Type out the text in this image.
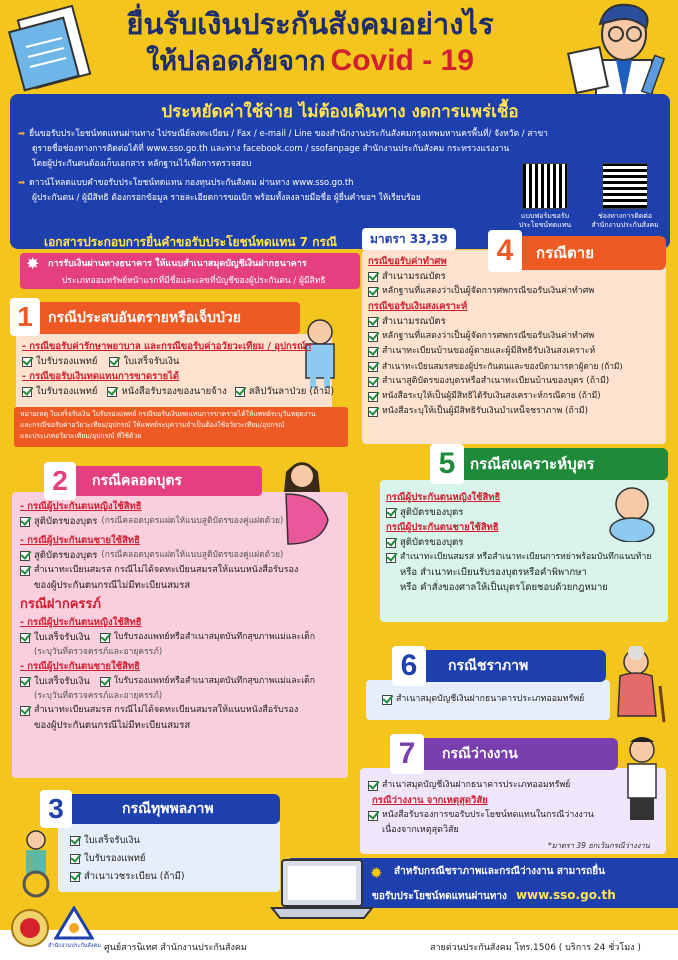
ยื่นรับเงินประกันสังคมอย่างไร
ให้ปลอดภัยจาก Covid - 19
ประหยัดค่าใช้จ่าย ไม่ต้องเดินทาง งดการแพร่เชื้อ
➡ ยื่นขอรับประโยชน์ทดแทนผ่านทาง ไปรษณีย์ลงทะเบียน / Fax / e-mail / Line ของสำนักงานประกันสังคมกรุงเทพมหานครพื้นที่/ จังหวัด / สาขา
ดูรายชื่อช่องทางการติดต่อได้ที่ www.sso.go.th และทาง facebook.com / ssofanpage สำนักงานประกันสังคม กระทรวงแรงงาน
โดยผู้ประกันตนต้องเก็บเอกสาร หลักฐานไว้เพื่อการตรวจสอบ
➡ ดาวน์โหลดแบบคำขอรับประโยชน์ทดแทน กองทุนประกันสังคม ผ่านทาง www.sso.go.th
ผู้ประกันตน / ผู้มีสิทธิ ต้องกรอกข้อมูล รายละเอียดการขอเบิก พร้อมทั้งลงลายมือชื่อ ผู้ยื่นคำขอฯ ให้เรียบร้อย
แบบฟอร์มขอรับ ประโยชน์ทดแทน
ช่องทางการติดต่อ สำนักงานประกันสังคม
เอกสารประกอบการยื่นคำขอรับประโยชน์ทดแทน 7 กรณี	มาตรา 33,39
✸ การรับเงินผ่านทางธนาคาร ให้แนบสำเนาสมุดบัญชีเงินฝากธนาคาร
ประเภทออมทรัพย์หน้าแรกที่มีชื่อและเลขที่บัญชีของผู้ประกันตน / ผู้มีสิทธิ
กรณีประสบอันตรายหรือเจ็บป่วย
1
- กรณีขอรับค่ารักษาพยาบาล และกรณีขอรับค่าอวัยวะเทียม / อุปกรณ์ฯ
ใบรับรองแพทย์	ใบเสร็จรับเงิน
- กรณีขอรับเงินทดแทนการขาดรายได้
ใบรับรองแพทย์	หนังสือรับรองของนายจ้าง สลิปวันลาป่วย (ถ้ามี)
หมายเหตุ ใบเสร็จรับเงิน ใบรับรองแพทย์ กรณีขอรับเงินทดแทนการขาดรายได้ให้แพทย์ระบุวันหยุดงาน
และกรณีขอรับค่าอวัยวะเทียม/อุปกรณ์ ให้แพทย์ระบุความจำเป็นต้องใช้อวัยวะเทียม/อุปกรณ์
และประเภทอวัยวะเทียม/อุปกรณ์ ที่ใช้ด้วย
กรณีตาย
4
กรณีขอรับค่าทำศพ
สำเนามรณบัตร
หลักฐานที่แสดงว่าเป็นผู้จัดการศพกรณีขอรับเงินค่าทำศพ
กรณีขอรับเงินสงเคราะห์
สำเนามรณบัตร
หลักฐานที่แสดงว่าเป็นผู้จัดการศพกรณีขอรับเงินค่าทำศพ
สำเนาทะเบียนบ้านของผู้ตายและผู้มีสิทธิรับเงินสงเคราะห์
สำเนาทะเบียนสมรสของผู้ประกันตนและของบิดามารดาผู้ตาย (ถ้ามี)
สำเนาสูติบัตรของบุตรหรือสำเนาทะเบียนบ้านของบุตร (ถ้ามี)
หนังสือระบุให้เป็นผู้มีสิทธิได้รับเงินสงเคราะห์กรณีตาย (ถ้ามี)
หนังสือระบุให้เป็นผู้มีสิทธิรับเงินบำเหน็จชราภาพ (ถ้ามี)
กรณีคลอดบุตร
2
- กรณีผู้ประกันตนหญิงใช้สิทธิ
สูติบัตรของบุตร (กรณีคลอดบุตรแฝดให้แนบสูติบัตรของคู่แฝดด้วย)
- กรณีผู้ประกันตนชายใช้สิทธิ
สูติบัตรของบุตร (กรณีคลอดบุตรแฝดให้แนบสูติบัตรของคู่แฝดด้วย)
สำเนาทะเบียนสมรส กรณีไม่ได้จดทะเบียนสมรสให้แนบหนังสือรับรอง
ของผู้ประกันตนกรณีไม่มีทะเบียนสมรส
กรณีฝากครรภ์
- กรณีผู้ประกันตนหญิงใช้สิทธิ
ใบเสร็จรับเงิน	ใบรับรองแพทย์หรือสำเนาสมุดบันทึกสุขภาพแม่และเด็ก
(ระบุวันที่ตรวจครรภ์และอายุครรภ์)
- กรณีผู้ประกันตนชายใช้สิทธิ
ใบเสร็จรับเงิน	ใบรับรองแพทย์หรือสำเนาสมุดบันทึกสุขภาพแม่และเด็ก
(ระบุวันที่ตรวจครรภ์และอายุครรภ์)
สำเนาทะเบียนสมรส กรณีไม่ได้จดทะเบียนสมรสให้แนบหนังสือรับรอง
ของผู้ประกันตนกรณีไม่มีทะเบียนสมรส
กรณีสงเคราะห์บุตร
5
กรณีผู้ประกันตนหญิงใช้สิทธิ
สูติบัตรของบุตร
กรณีผู้ประกันตนชายใช้สิทธิ
สูติบัตรของบุตร
สำเนาทะเบียนสมรส หรือสำเนาทะเบียนการหย่าพร้อมบันทึกแนบท้าย
หรือ สำเนาทะเบียนรับรองบุตรหรือคำพิพากษา
หรือ คำสั่งของศาลให้เป็นบุตรโดยชอบด้วยกฎหมาย
กรณีชราภาพ
6
สำเนาสมุดบัญชีเงินฝากธนาคารประเภทออมทรัพย์
กรณีว่างงาน
7
สำเนาสมุดบัญชีเงินฝากธนาคารประเภทออมทรัพย์
กรณีว่างงาน จากเหตุสุดวิสัย
หนังสือรับรองการขอรับประโยชน์ทดแทนในกรณีว่างงาน
เนื่องจากเหตุสุดวิสัย
*มาตรา 39 ยกเว้นกรณีว่างงาน
กรณีทุพพลภาพ
3
ใบเสร็จรับเงิน
ใบรับรองแพทย์
สำเนาเวชระเบียน (ถ้ามี)	✹ สำหรับกรณีชราภาพและกรณีว่างงาน สามารถยื่น
ขอรับประโยชน์ทดแทนผ่านทาง www.sso.go.th
สำนักงานประกันสังคม ศูนย์สารนิเทศ สำนักงานประกันสังคม	สายด่วนประกันสังคม โทร.1506 ( บริการ 24 ชั่วโมง )
